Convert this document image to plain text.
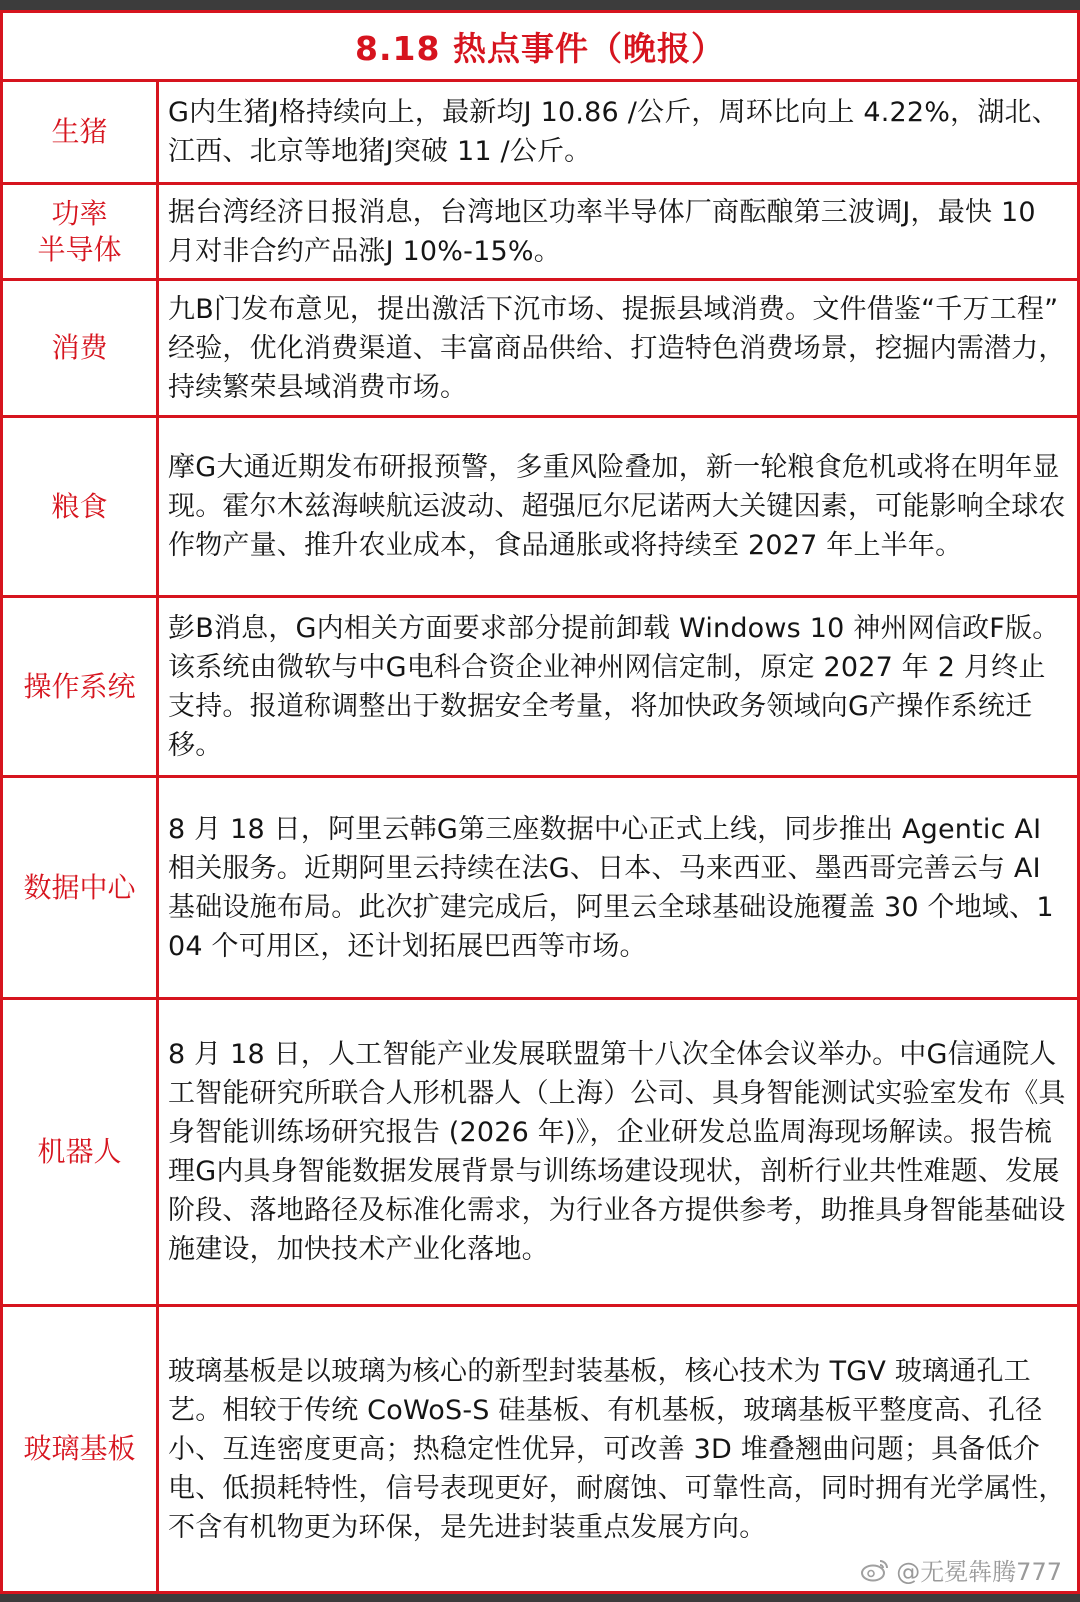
8.18 热点事件（晚报）
生猪
G内生猪J格持续向上，最新均J 10.86 /公斤，周环比向上 4.22%，湖北、江西、北京等地猪J突破 11 /公斤。
功率
半导体
据台湾经济日报消息，台湾地区功率半导体厂商酝酿第三波调J，最快 10 月对非合约产品涨J 10%-15%。
消费
九B门发布意见，提出激活下沉市场、提振县域消费。文件借鉴“千万工程” 经验，优化消费渠道、丰富商品供给、打造特色消费场景，挖掘内需潜力，持续繁荣县域消费市场。
粮食
摩G大通近期发布研报预警，多重风险叠加，新一轮粮食危机或将在明年显现。霍尔木兹海峡航运波动、超强厄尔尼诺两大关键因素，可能影响全球农作物产量、推升农业成本，食品通胀或将持续至 2027 年上半年。
操作系统
彭B消息，G内相关方面要求部分提前卸载 Windows 10 神州网信政F版。该系统由微软与中G电科合资企业神州网信定制，原定 2027 年 2 月终止支持。报道称调整出于数据安全考量，将加快政务领域向G产操作系统迁移。
数据中心
8 月 18 日，阿里云韩G第三座数据中心正式上线，同步推出 Agentic AI 相关服务。近期阿里云持续在法G、日本、马来西亚、墨西哥完善云与 AI 基础设施布局。此次扩建完成后，阿里云全球基础设施覆盖 30 个地域、104 个可用区，还计划拓展巴西等市场。
机器人
8 月 18 日，人工智能产业发展联盟第十八次全体会议举办。中G信通院人工智能研究所联合人形机器人（上海）公司、具身智能测试实验室发布《具身智能训练场研究报告 (2026 年)》，企业研发总监周海现场解读。报告梳理G内具身智能数据发展背景与训练场建设现状，剖析行业共性难题、发展阶段、落地路径及标准化需求，为行业各方提供参考，助推具身智能基础设施建设，加快技术产业化落地。
玻璃基板
玻璃基板是以玻璃为核心的新型封装基板，核心技术为 TGV 玻璃通孔工艺。相较于传统 CoWoS-S 硅基板、有机基板，玻璃基板平整度高、孔径小、互连密度更高；热稳定性优异，可改善 3D 堆叠翘曲问题；具备低介电、低损耗特性，信号表现更好，耐腐蚀、可靠性高，同时拥有光学属性，不含有机物更为环保，是先进封装重点发展方向。
@无冕犇腾777
